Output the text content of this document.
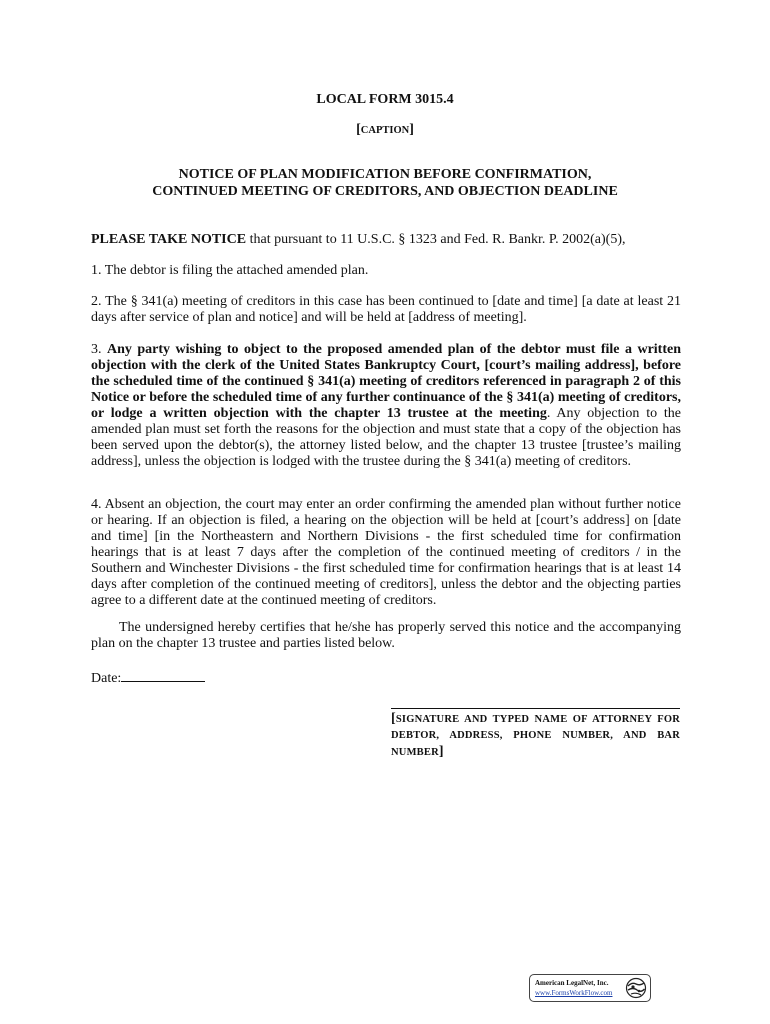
LOCAL FORM 3015.4
[CAPTION]
NOTICE OF PLAN MODIFICATION BEFORE CONFIRMATION,
CONTINUED MEETING OF CREDITORS, AND OBJECTION DEADLINE
PLEASE TAKE NOTICE that pursuant to 11 U.S.C. § 1323 and Fed. R. Bankr. P. 2002(a)(5),
1. The debtor is filing the attached amended plan.
2. The § 341(a) meeting of creditors in this case has been continued to [date and time] [a date at least 21 days after service of plan and notice] and will be held at [address of meeting].
3. Any party wishing to object to the proposed amended plan of the debtor must file a written objection with the clerk of the United States Bankruptcy Court, [court’s mailing address], before the scheduled time of the continued § 341(a) meeting of creditors referenced in paragraph 2 of this Notice or before the scheduled time of any further continuance of the § 341(a) meeting of creditors, or lodge a written objection with the chapter 13 trustee at the meeting. Any objection to the amended plan must set forth the reasons for the objection and must state that a copy of the objection has been served upon the debtor(s), the attorney listed below, and the chapter 13 trustee [trustee’s mailing address], unless the objection is lodged with the trustee during the § 341(a) meeting of creditors.
4. Absent an objection, the court may enter an order confirming the amended plan without further notice or hearing. If an objection is filed, a hearing on the objection will be held at [court’s address] on [date and time] [in the Northeastern and Northern Divisions - the first scheduled time for confirmation hearings that is at least 7 days after the completion of the continued meeting of creditors / in the Southern and Winchester Divisions - the first scheduled time for confirmation hearings that is at least 14 days after completion of the continued meeting of creditors], unless the debtor and the objecting parties agree to a different date at the continued meeting of creditors.
The undersigned hereby certifies that he/she has properly served this notice and the accompanying plan on the chapter 13 trustee and parties listed below.
Date:
[SIGNATURE AND TYPED NAME OF ATTORNEY FOR DEBTOR, ADDRESS, PHONE NUMBER, AND BAR NUMBER]
American LegalNet, Inc.
www.FormsWorkFlow.com
